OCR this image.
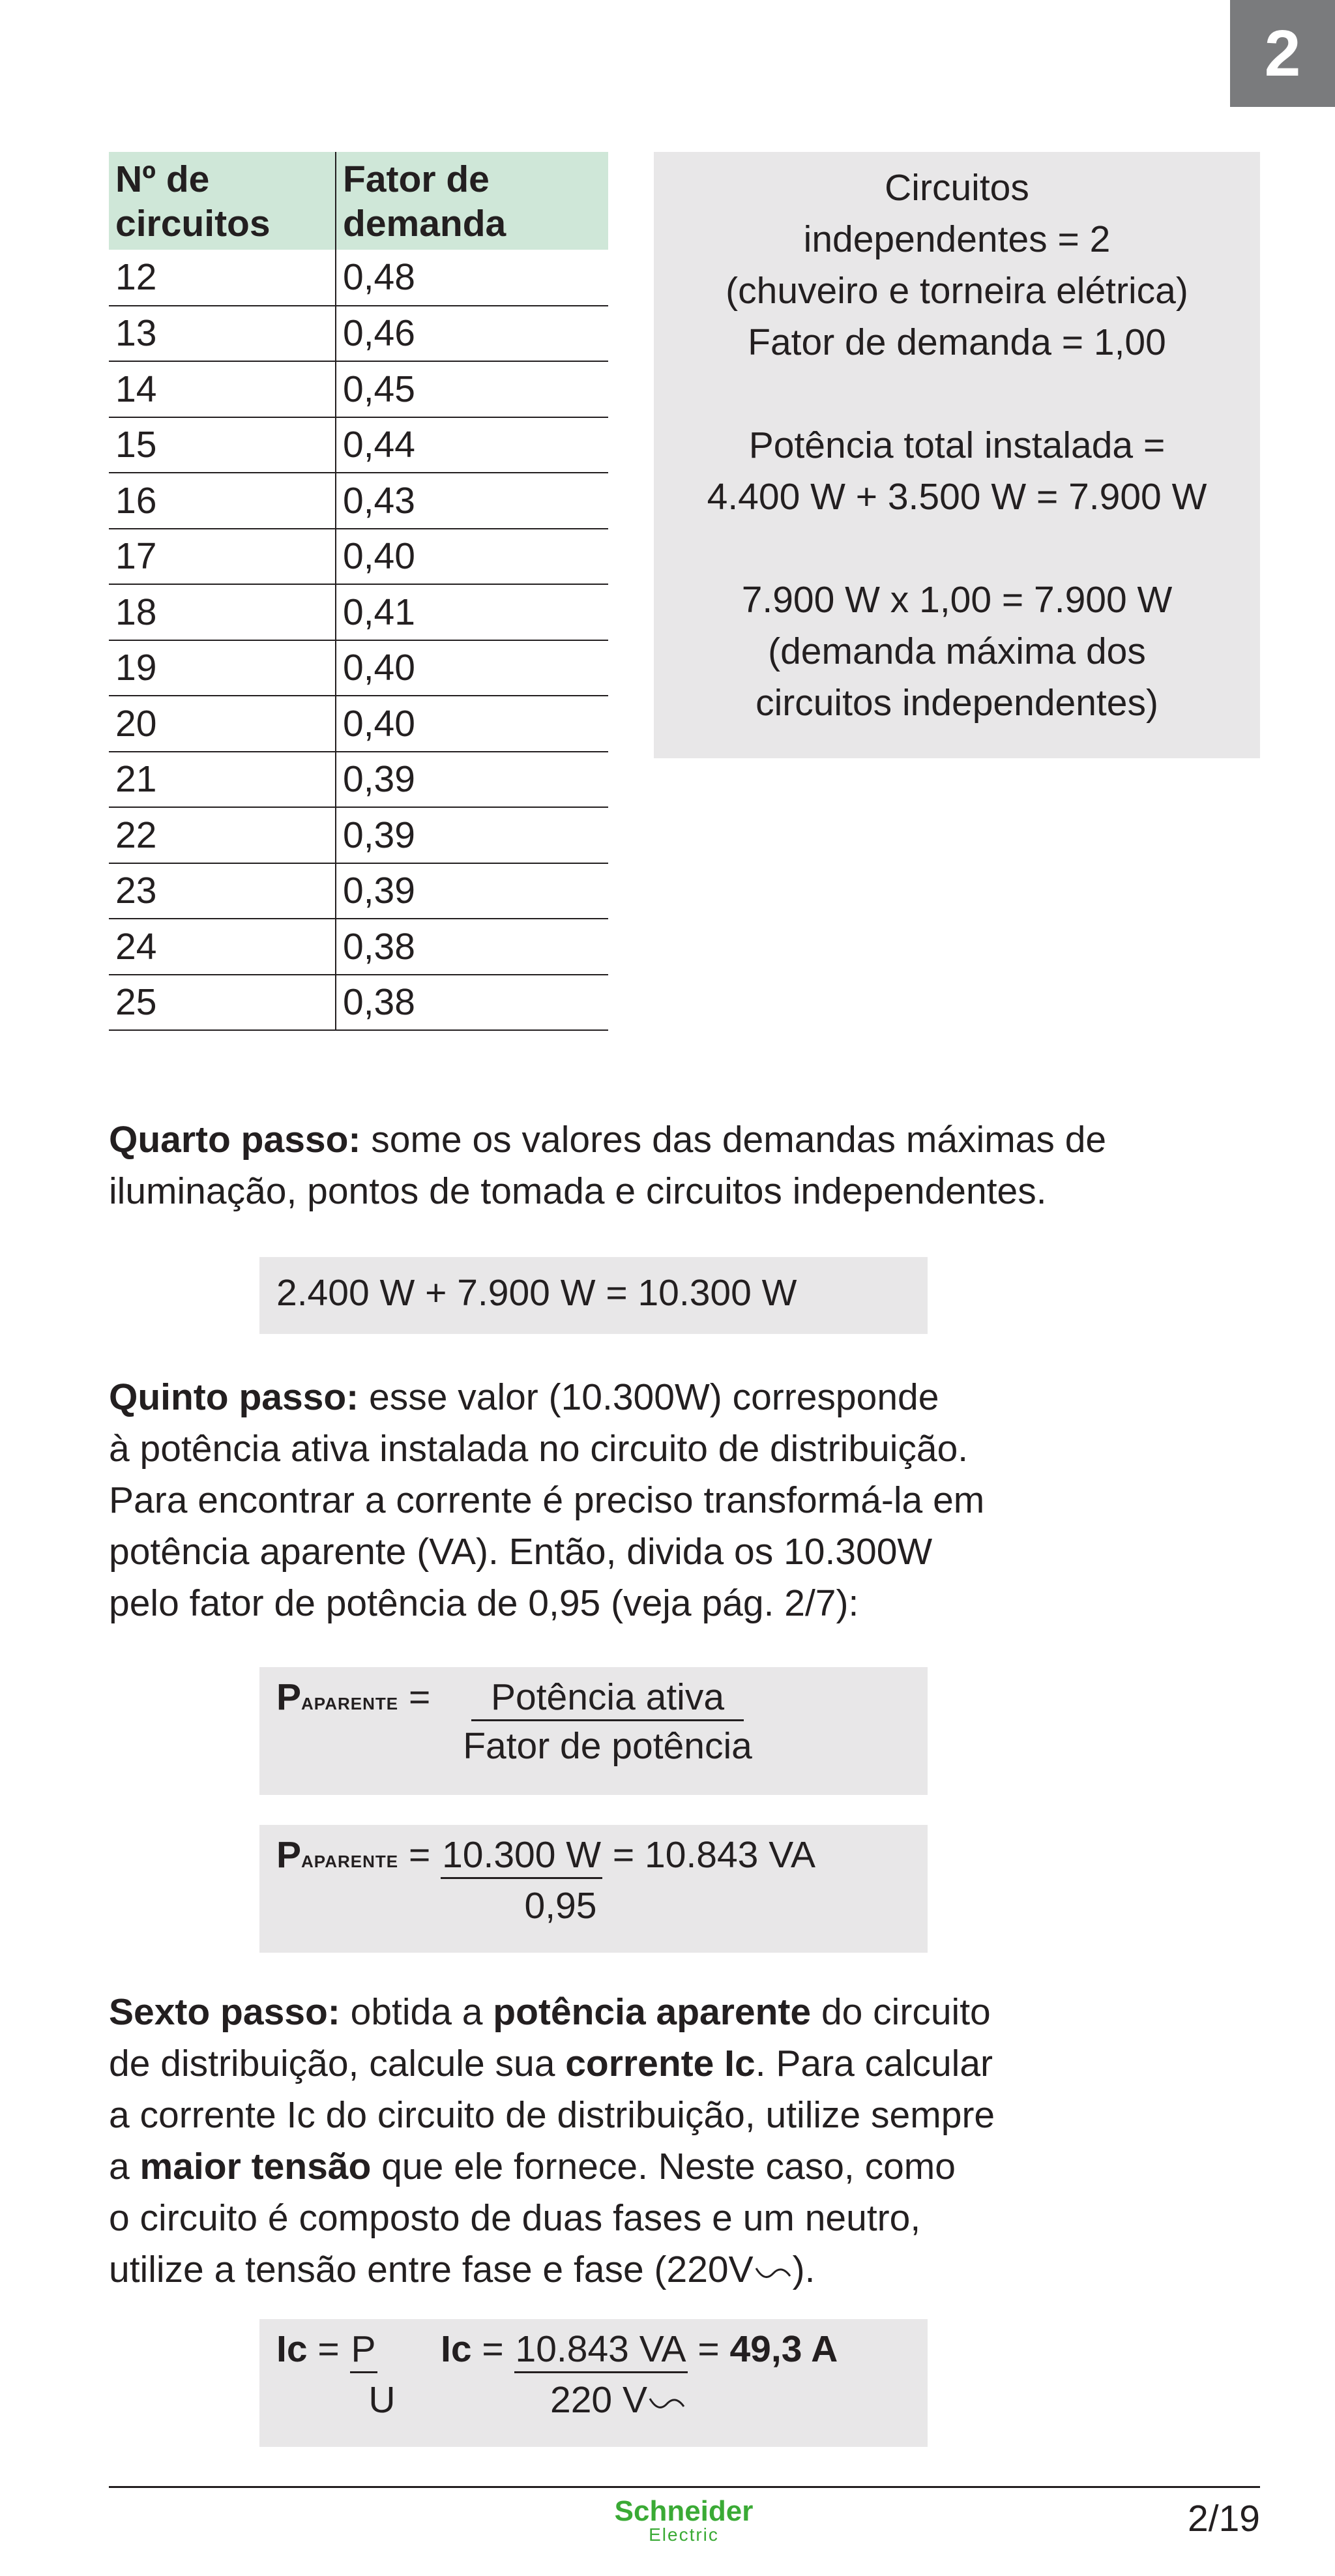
2
Nº de circuitos	Fator de demanda
12	0,48
13	0,46
14	0,45
15	0,44
16	0,43
17	0,40
18	0,41
19	0,40
20	0,40
21	0,39
22	0,39
23	0,39
24	0,38
25	0,38

Circuitos
independentes = 2
(chuveiro e torneira elétrica)
Fator de demanda = 1,00

Potência total instalada =
4.400 W + 3.500 W = 7.900 W

7.900 W x 1,00 = 7.900 W
(demanda máxima dos
circuitos independentes)

Quarto passo: some os valores das demandas máximas de
iluminação, pontos de tomada e circuitos independentes.

2.400 W + 7.900 W = 10.300 W

Quinto passo: esse valor (10.300W) corresponde
à potência ativa instalada no circuito de distribuição.
Para encontrar a corrente é preciso transformá-la em
potência aparente (VA). Então, divida os 10.300W
pelo fator de potência de 0,95 (veja pág. 2/7):

PAPARENTE =	Potência ativa
Fator de potência
PAPARENTE = 10.300 W = 10.843 VA
0,95

Sexto passo: obtida a potência aparente do circuito
de distribuição, calcule sua corrente Ic. Para calcular
a corrente Ic do circuito de distribuição, utilize sempre
a maior tensão que ele fornece. Neste caso, como
o circuito é composto de duas fases e um neutro,
utilize a tensão entre fase e fase (220V ).

Ic = P
U
Ic = 10.843 VA = 49,3 A
220 V
Schneider
Electric	2/19
